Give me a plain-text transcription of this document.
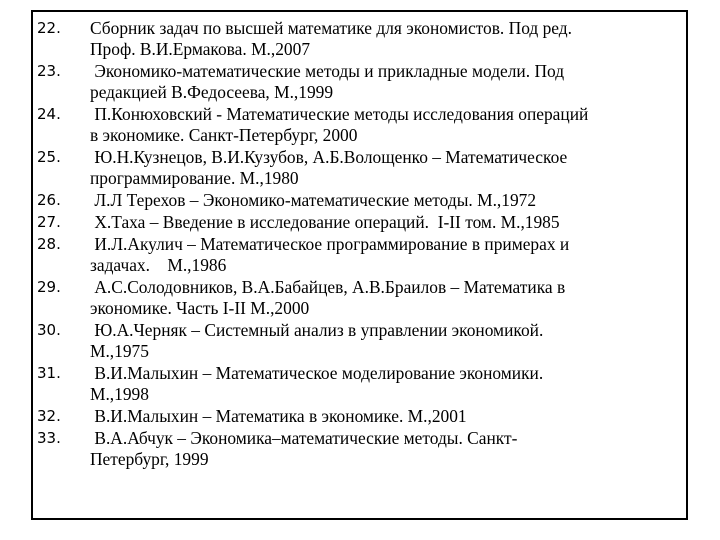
22.	Сборник задач по высшей математике для экономистов. Под ред.
Проф. В.И.Ермакова. М.,2007
23.	Экономико-математические методы и прикладные модели. Под
редакцией В.Федосеева, М.,1999
24.	П.Конюховский - Математические методы исследования операций
в экономике. Санкт-Петербург, 2000
25.	Ю.Н.Кузнецов, В.И.Кузубов, А.Б.Волощенко – Математическое
программирование. М.,1980
26.	Л.Л Терехов – Экономико-математические методы. М.,1972
27.	Х.Таха – Введение в исследование операций.  I-II том. М.,1985
28.	И.Л.Акулич – Математическое программирование в примерах и
задачах.    М.,1986
29.	А.С.Солодовников, В.А.Бабайцев, А.В.Браилов – Математика в
экономике. Часть I-II М.,2000
30.	Ю.А.Черняк – Системный анализ в управлении экономикой.
М.,1975
31.	В.И.Малыхин – Математическое моделирование экономики.
М.,1998
32.	В.И.Малыхин – Математика в экономике. М.,2001
33.	В.А.Абчук – Экономика–математические методы. Санкт-
Петербург, 1999
